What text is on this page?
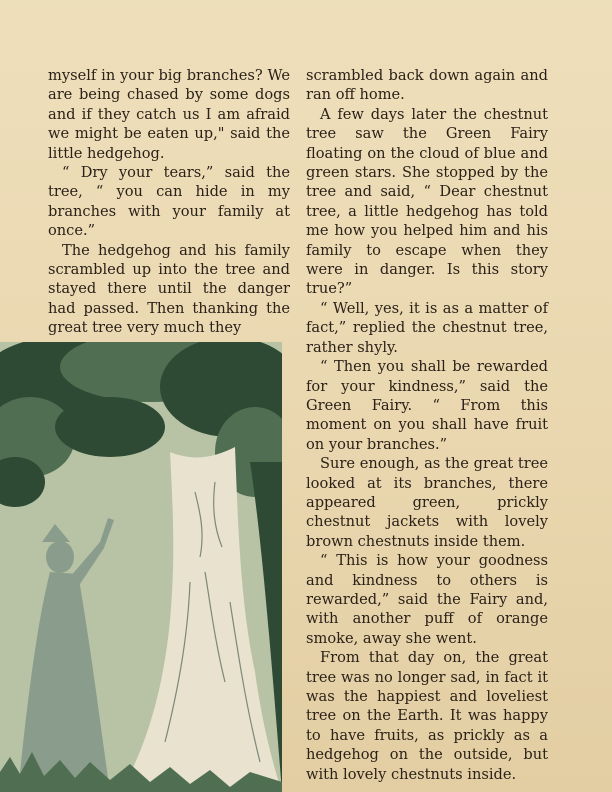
myself in your big branches? We are being chased by some dogs and if they catch us I am afraid we might be eaten up," said the little hedgehog.

“ Dry your tears,” said the tree, “ you can hide in my branches with your family at once.”

The hedgehog and his family scrambled up into the tree and stayed there until the danger had passed. Then thanking the great tree very much they

scrambled back down again and ran off home.

A few days later the chestnut tree saw the Green Fairy floating on the cloud of blue and green stars. She stopped by the tree and said, “ Dear chestnut tree, a little hedgehog has told me how you helped him and his family to escape when they were in danger. Is this story true?”

“ Well, yes, it is as a matter of fact,” replied the chestnut tree, rather shyly.

“ Then you shall be rewarded for your kindness,” said the Green Fairy. “ From this moment on you shall have fruit on your branches.”

Sure enough, as the great tree looked at its branches, there appeared green, prickly chestnut jackets with lovely brown chestnuts inside them.

“ This is how your goodness and kindness to others is rewarded,” said the Fairy and, with another puff of orange smoke, away she went.

From that day on, the great tree was no longer sad, in fact it was the happiest and loveliest tree on the Earth. It was happy to have fruits, as prickly as a hedgehog on the outside, but with lovely chestnuts inside.
